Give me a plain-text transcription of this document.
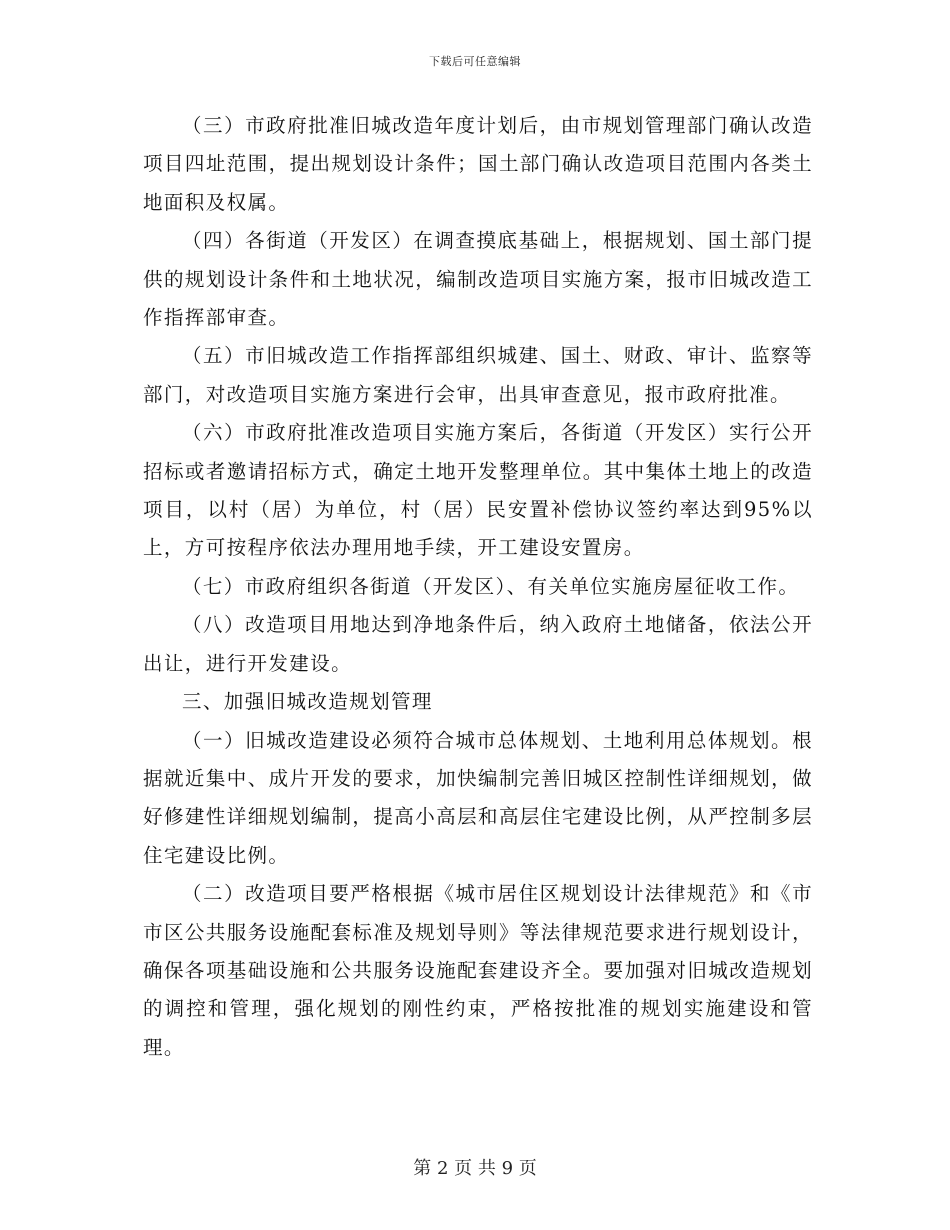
下载后可任意编辑

（三）市政府批准旧城改造年度计划后，由市规划管理部门确认改造项目四址范围，提出规划设计条件；国土部门确认改造项目范围内各类土地面积及权属。

（四）各街道（开发区）在调查摸底基础上，根据规划、国土部门提供的规划设计条件和土地状况，编制改造项目实施方案，报市旧城改造工作指挥部审查。

（五）市旧城改造工作指挥部组织城建、国土、财政、审计、监察等部门，对改造项目实施方案进行会审，出具审查意见，报市政府批准。

（六）市政府批准改造项目实施方案后，各街道（开发区）实行公开招标或者邀请招标方式，确定土地开发整理单位。其中集体土地上的改造项目，以村（居）为单位，村（居）民安置补偿协议签约率达到95%以上，方可按程序依法办理用地手续，开工建设安置房。

（七）市政府组织各街道（开发区）、有关单位实施房屋征收工作。

（八）改造项目用地达到净地条件后，纳入政府土地储备，依法公开出让，进行开发建设。

三、加强旧城改造规划管理

（一）旧城改造建设必须符合城市总体规划、土地利用总体规划。根据就近集中、成片开发的要求，加快编制完善旧城区控制性详细规划，做好修建性详细规划编制，提高小高层和高层住宅建设比例，从严控制多层住宅建设比例。

（二）改造项目要严格根据《城市居住区规划设计法律规范》和《市市区公共服务设施配套标准及规划导则》等法律规范要求进行规划设计，确保各项基础设施和公共服务设施配套建设齐全。要加强对旧城改造规划的调控和管理，强化规划的刚性约束，严格按批准的规划实施建设和管理。

第 2 页 共 9 页
